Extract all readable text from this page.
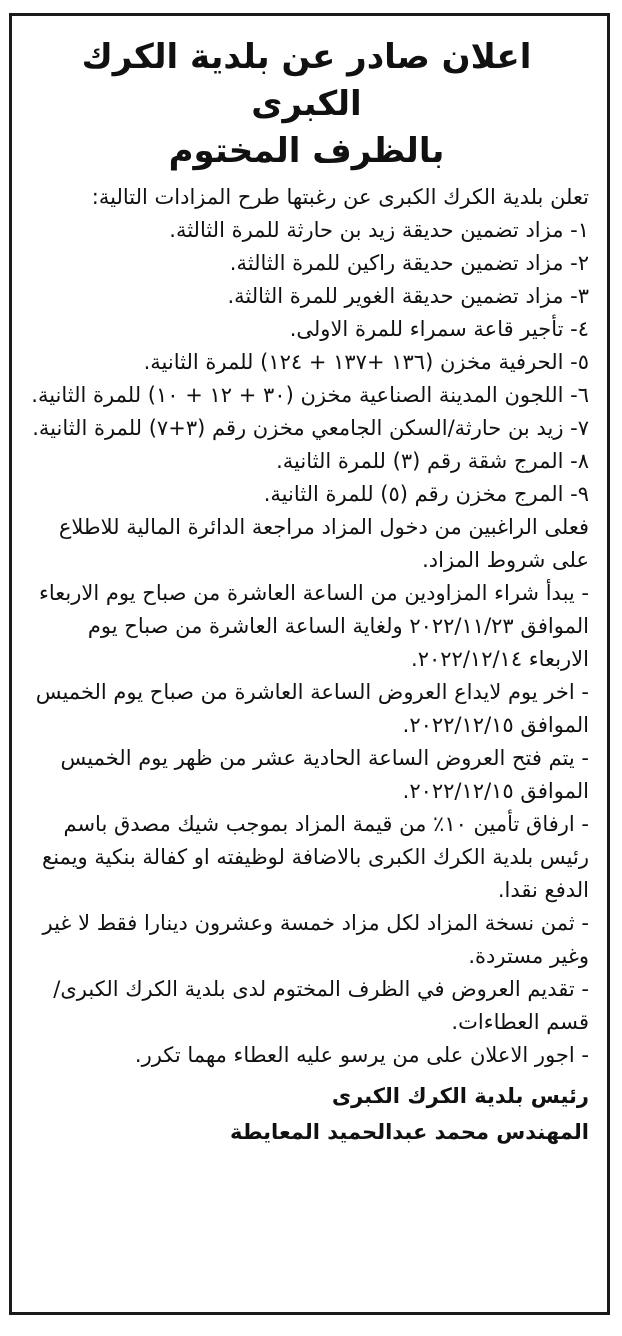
اعلان صادر عن بلدية الكرك الكبرى
بالظرف المختوم

تعلن بلدية الكرك الكبرى عن رغبتها طرح المزادات التالية:

١- مزاد تضمين حديقة زيد بن حارثة للمرة الثالثة.
٢- مزاد تضمين حديقة راكين للمرة الثالثة.
٣- مزاد تضمين حديقة الغوير للمرة الثالثة.
٤- تأجير قاعة سمراء للمرة الاولى.
٥- الحرفية مخزن (١٣٦ +١٣٧ + ١٢٤) للمرة الثانية.
٦- اللجون المدينة الصناعية مخزن (٣٠ + ١٢ + ١٠) للمرة الثانية.
٧- زيد بن حارثة/السكن الجامعي مخزن رقم (٣+٧) للمرة الثانية.
٨- المرج شقة رقم (٣) للمرة الثانية.
٩- المرج مخزن رقم (٥) للمرة الثانية.

فعلى الراغبين من دخول المزاد مراجعة الدائرة المالية للاطلاع على شروط المزاد.

- يبدأ شراء المزاودين من الساعة العاشرة من صباح يوم الاربعاء الموافق ٢٠٢٢/١١/٢٣ ولغاية الساعة العاشرة من صباح يوم الاربعاء ٢٠٢٢/١٢/١٤.

- اخر يوم لايداع العروض الساعة العاشرة من صباح يوم الخميس الموافق ٢٠٢٢/١٢/١٥.

- يتم فتح العروض الساعة الحادية عشر من ظهر يوم الخميس الموافق ٢٠٢٢/١٢/١٥.

- ارفاق تأمين ١٠٪ من قيمة المزاد بموجب شيك مصدق باسم رئيس بلدية الكرك الكبرى بالاضافة لوظيفته او كفالة بنكية ويمنع الدفع نقدا.

- ثمن نسخة المزاد لكل مزاد خمسة وعشرون دينارا فقط لا غير وغير مستردة.

- تقديم العروض في الظرف المختوم لدى بلدية الكرك الكبرى/قسم العطاءات.

- اجور الاعلان على من يرسو عليه العطاء مهما تكرر.

رئيس بلدية الكرك الكبرى
المهندس محمد عبدالحميد المعايطة
